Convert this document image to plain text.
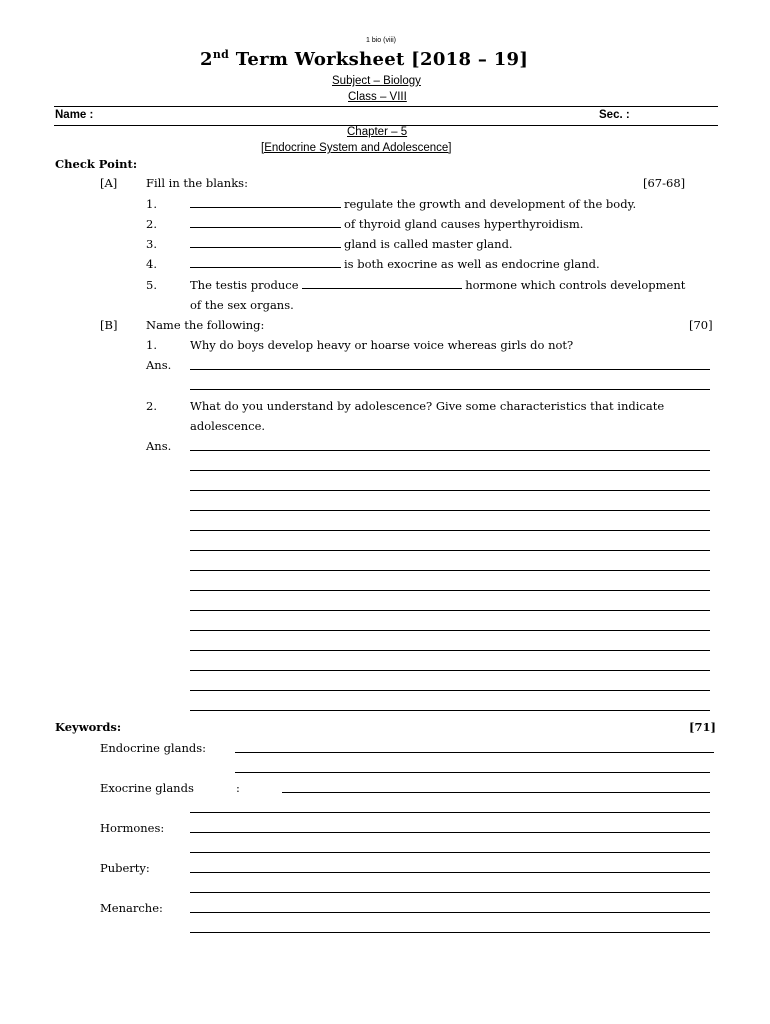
1 bio (viii)
2nd Term Worksheet [2018 – 19]
Subject – Biology
Class – VIII
Name :	Sec. :
Chapter – 5
[Endocrine System and Adolescence]
Check Point:
[A] Fill in the blanks:	[67-68]
1.	regulate the growth and development of the body.
2.	of thyroid gland causes hyperthyroidism.
3.	gland is called master gland.
4.	is both exocrine as well as endocrine gland.
5.	The testis produce	hormone which controls development
of the sex organs.
[B] Name the following:	[70]
1.	Why do boys develop heavy or hoarse voice whereas girls do not?
Ans.
2.	What do you understand by adolescence? Give some characteristics that indicate
adolescence.
Ans.
Keywords:	[71]
Endocrine glands:
Exocrine glands	:
Hormones:
Puberty:
Menarche:
